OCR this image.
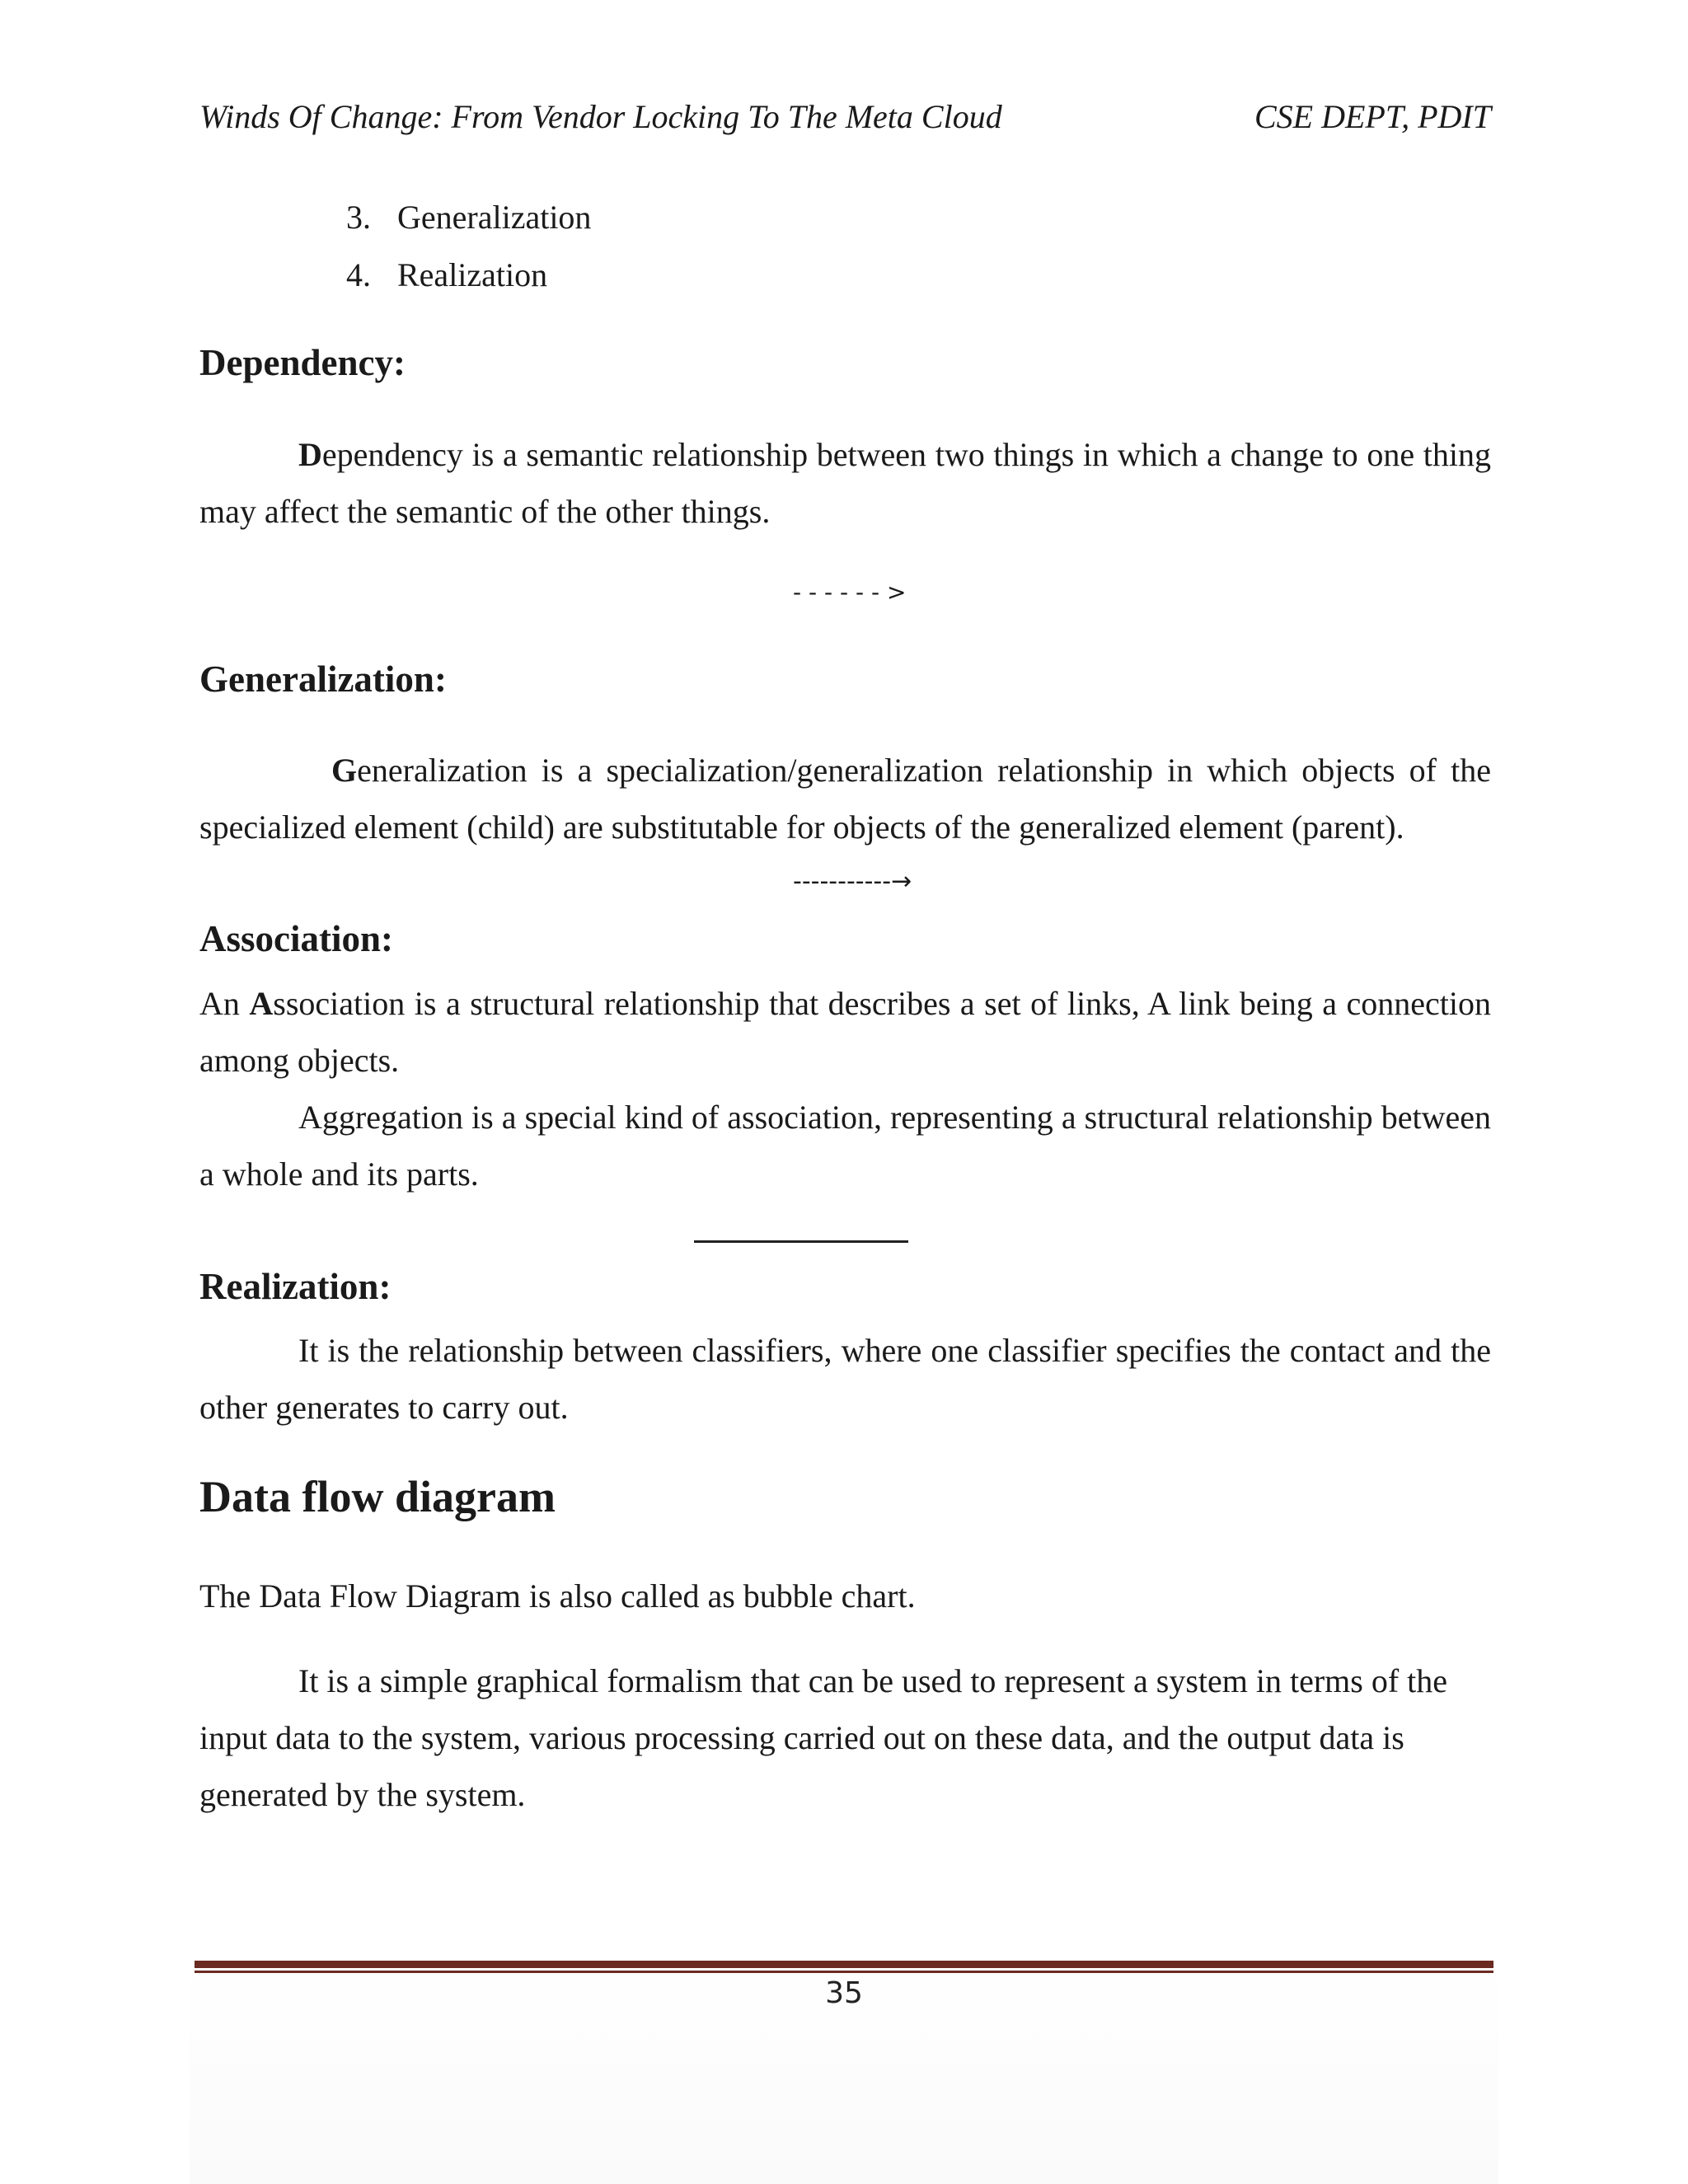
Winds Of Change: From Vendor Locking To The Meta Cloud	CSE DEPT, PDIT
3. Generalization
4. Realization
Dependency:

Dependency is a semantic relationship between two things in which a change to one thing may affect the semantic of the other things.

- - - - - - >
Generalization:

Generalization is a specialization/generalization relationship in which objects of the specialized element (child) are substitutable for objects of the generalized element (parent).

-----------→
Association:

An Association is a structural relationship that describes a set of links, A link being a connection among objects.

Aggregation is a special kind of association, representing a structural relationship between a whole and its parts.

Realization:

It is the relationship between classifiers, where one classifier specifies the contact and the other generates to carry out.

Data flow diagram

The Data Flow Diagram is also called as bubble chart.

It is a simple graphical formalism that can be used to represent a system in terms of the input data to the system, various processing carried out on these data, and the output data is generated by the system.

35
